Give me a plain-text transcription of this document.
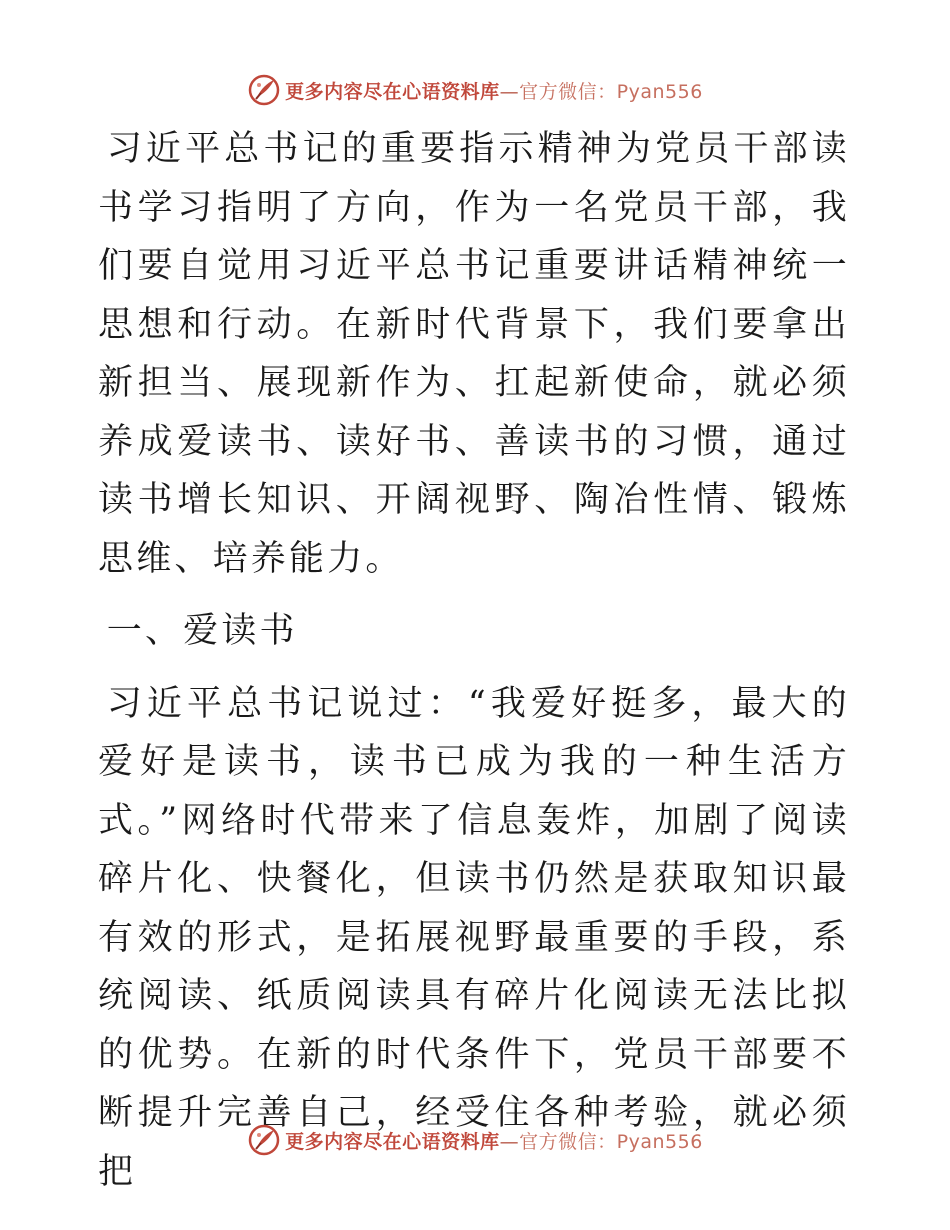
更多内容尽在心语资料库—官方微信：Pyan556

习近平总书记的重要指示精神为党员干部读书学习指明了方向，作为一名党员干部，我们要自觉用习近平总书记重要讲话精神统一思想和行动。在新时代背景下，我们要拿出新担当、展现新作为、扛起新使命，就必须养成爱读书、读好书、善读书的习惯，通过读书增长知识、开阔视野、陶冶性情、锻炼思维、培养能力。

一、爱读书

习近平总书记说过：“我爱好挺多，最大的爱好是读书，读书已成为我的一种生活方式。”网络时代带来了信息轰炸，加剧了阅读碎片化、快餐化，但读书仍然是获取知识最有效的形式，是拓展视野最重要的手段，系统阅读、纸质阅读具有碎片化阅读无法比拟的优势。在新的时代条件下，党员干部要不断提升完善自己，经受住各种考验，就必须把

更多内容尽在心语资料库—官方微信：Pyan556
